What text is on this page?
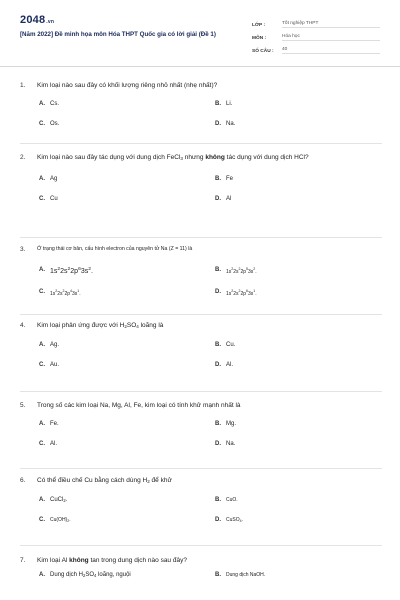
2048.vn
[Năm 2022] Đề minh họa môn Hóa THPT Quốc gia có lời giải (Đề 1)
LỚP :	Tốt nghiệp THPT
MÔN :	Hóa học
SỐ CÂU :	40
1.	Kim loại nào sau đây có khối lượng riêng nhỏ nhất (nhẹ nhất)?
A. Cs.	B. Li.
C. Os.	D. Na.
2.	Kim loại nào sau đây tác dụng với dung dịch FeCl$_3$ nhưng không tác dụng với dung dịch HCl?
A. Ag	B. Fe
C. Cu	D. Al
3.	Ở trạng thái cơ bản, cấu hình electron của nguyên tử Na (Z = 11) là
A. $1s^22s^22p^63s^2$.	B.	$1s^22s^22p^53s^2$.
C.	$1s^22s^22p^43s^1$.	D.	$1s^22s^22p^63s^1$.
4.	Kim loại phản ứng được với $H_2SO_4$ loãng là
A. Ag.	B. Cu.
C. Au.	D. Al.
5.	Trong số các kim loại Na, Mg, Al, Fe, kim loại có tính khử mạnh nhất là
A. Fe.	B. Mg.
C. Al.	D. Na.
6.	Có thể điều chế Cu bằng cách dùng $H_2$ để khử
A. CuCl$_2$.	B.	CuO.
C.	$Cu(OH)_2$.	D.	CuSO$_4$.
7.	Kim loại Al không tan trong dung dịch nào sau đây?
A. Dung dịch $H_2SO_4$ loãng, nguội	B.	Dung dịch NaOH.
